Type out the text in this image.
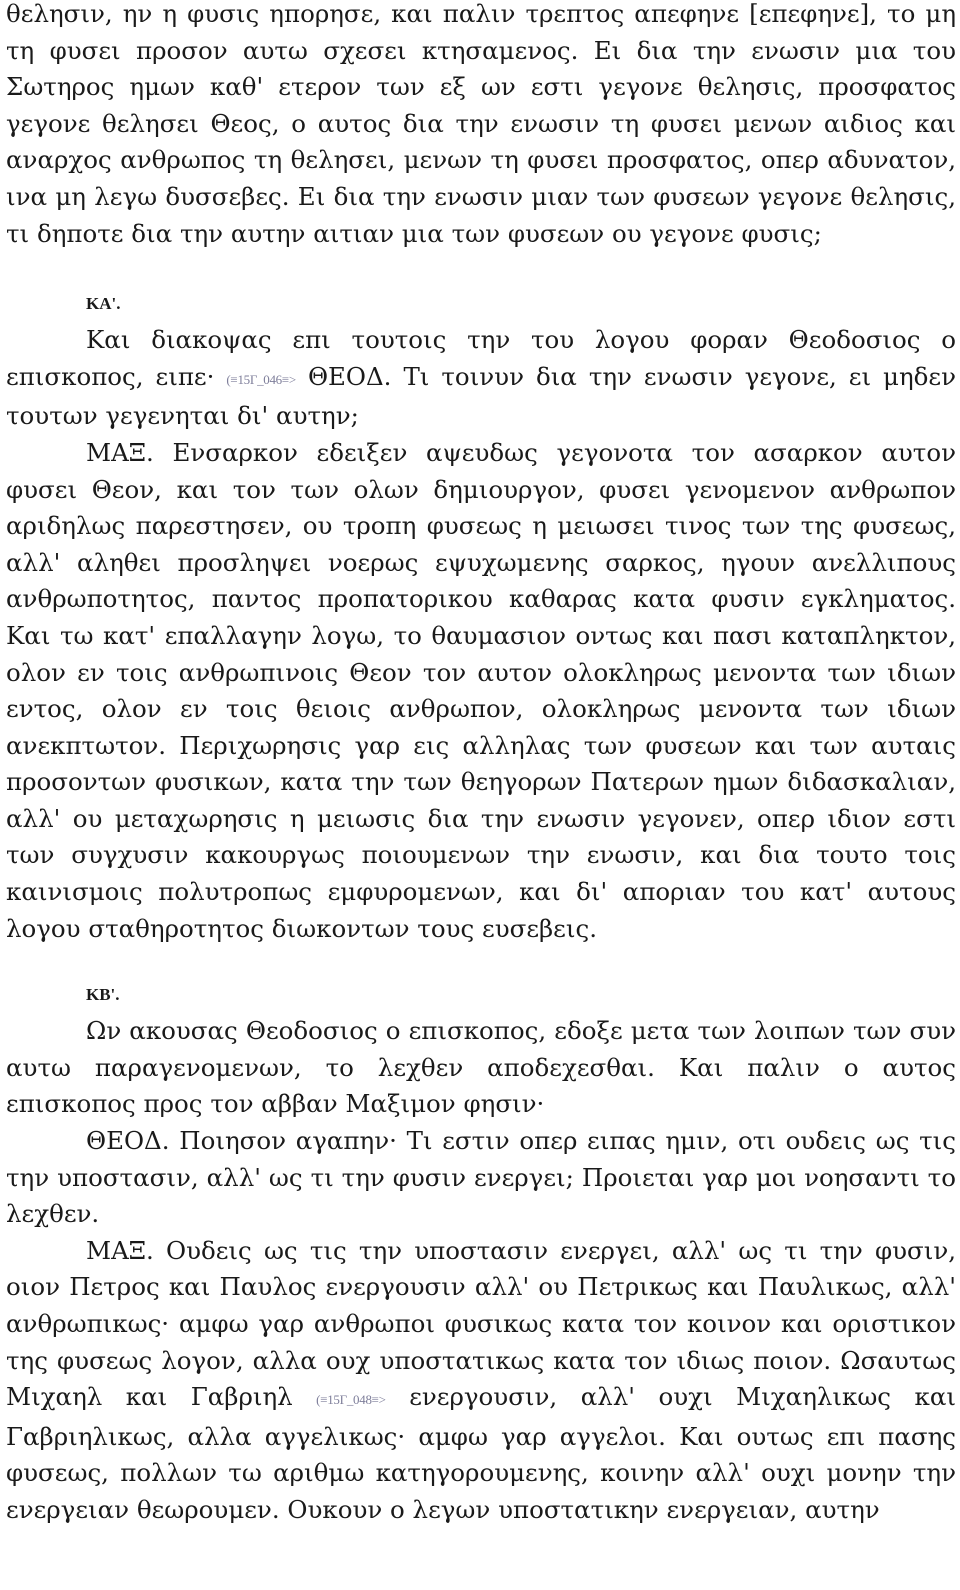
θελησιν, ην η φυσις ηπορησε, και παλιν τρεπτος απεφηνε [επεφηνε], το μη τη φυσει προσον αυτω σχεσει κτησαμενος. Ει δια την ενωσιν μια του Σωτηρος ημων καθ' ετερον των εξ ων εστι γεγονε θελησις, προσφατος γεγονε θελησει Θεος, ο αυτος δια την ενωσιν τη φυσει μενων αιδιος και αναρχος ανθρωπος τη θελησει, μενων τη φυσει προσφατος, οπερ αδυνατον, ινα μη λεγω δυσσεβες. Ει δια την ενωσιν μιαν των φυσεων γεγονε θελησις, τι δηποτε δια την αυτην αιτιαν μια των φυσεων ου γεγονε φυσις;

ΚΑ'.

Και διακοψας επι τουτοις την του λογου φοραν Θεοδοσιος ο επισκοπος, ειπε· (≡15Γ_046≡> ΘΕΟΔ. Τι τοινυν δια την ενωσιν γεγονε, ει μηδεν τουτων γεγενηται δι' αυτην;

ΜΑΞ. Ενσαρκον εδειξεν αψευδως γεγονοτα τον ασαρκον αυτον φυσει Θεον, και τον των ολων δημιουργον, φυσει γενομενον ανθρωπον αριδηλως παρεστησεν, ου τροπη φυσεως η μειωσει τινος των της φυσεως, αλλ' αληθει προσληψει νοερως εψυχωμενης σαρκος, ηγουν ανελλιπους ανθρωποτητος, παντος προπατορικου καθαρας κατα φυσιν εγκληματος. Και τω κατ' επαλλαγην λογω, το θαυμασιον οντως και πασι καταπληκτον, ολον εν τοις ανθρωπινοις Θεον τον αυτον ολοκληρως μενοντα των ιδιων εντος, ολον εν τοις θειοις ανθρωπον, ολοκληρως μενοντα των ιδιων ανεκπτωτον. Περιχωρησις γαρ εις αλληλας των φυσεων και των αυταις προσοντων φυσικων, κατα την των θεηγορων Πατερων ημων διδασκαλιαν, αλλ' ου μεταχωρησις η μειωσις δια την ενωσιν γεγονεν, οπερ ιδιον εστι των συγχυσιν κακουργως ποιουμενων την ενωσιν, και δια τουτο τοις καινισμοις πολυτροπως εμφυρομενων, και δι' αποριαν του κατ' αυτους λογου σταθηροτητος διωκοντων τους ευσεβεις.

ΚΒ'.

Ων ακουσας Θεοδοσιος ο επισκοπος, εδοξε μετα των λοιπων των συν αυτω παραγενομενων, το λεχθεν αποδεχεσθαι. Και παλιν ο αυτος επισκοπος προς τον αββαν Μαξιμον φησιν·

ΘΕΟΔ. Ποιησον αγαπην· Τι εστιν οπερ ειπας ημιν, οτι ουδεις ως τις την υποστασιν, αλλ' ως τι την φυσιν ενεργει; Προιεται γαρ μοι νοησαντι το λεχθεν.

ΜΑΞ. Ουδεις ως τις την υποστασιν ενεργει, αλλ' ως τι την φυσιν, οιον Πετρος και Παυλος ενεργουσιν αλλ' ου Πετρικως και Παυλικως, αλλ' ανθρωπικως· αμφω γαρ ανθρωποι φυσικως κατα τον κοινον και οριστικον της φυσεως λογον, αλλα ουχ υποστατικως κατα τον ιδιως ποιον. Ωσαυτως Μιχαηλ και Γαβριηλ (≡15Γ_048≡> ενεργουσιν, αλλ' ουχι Μιχαηλικως και Γαβριηλικως, αλλα αγγελικως· αμφω γαρ αγγελοι. Και ουτως επι πασης φυσεως, πολλων τω αριθμω κατηγορουμενης, κοινην αλλ' ουχι μονην την ενεργειαν θεωρουμεν. Ουκουν ο λεγων υποστατικην ενεργειαν, αυτην
